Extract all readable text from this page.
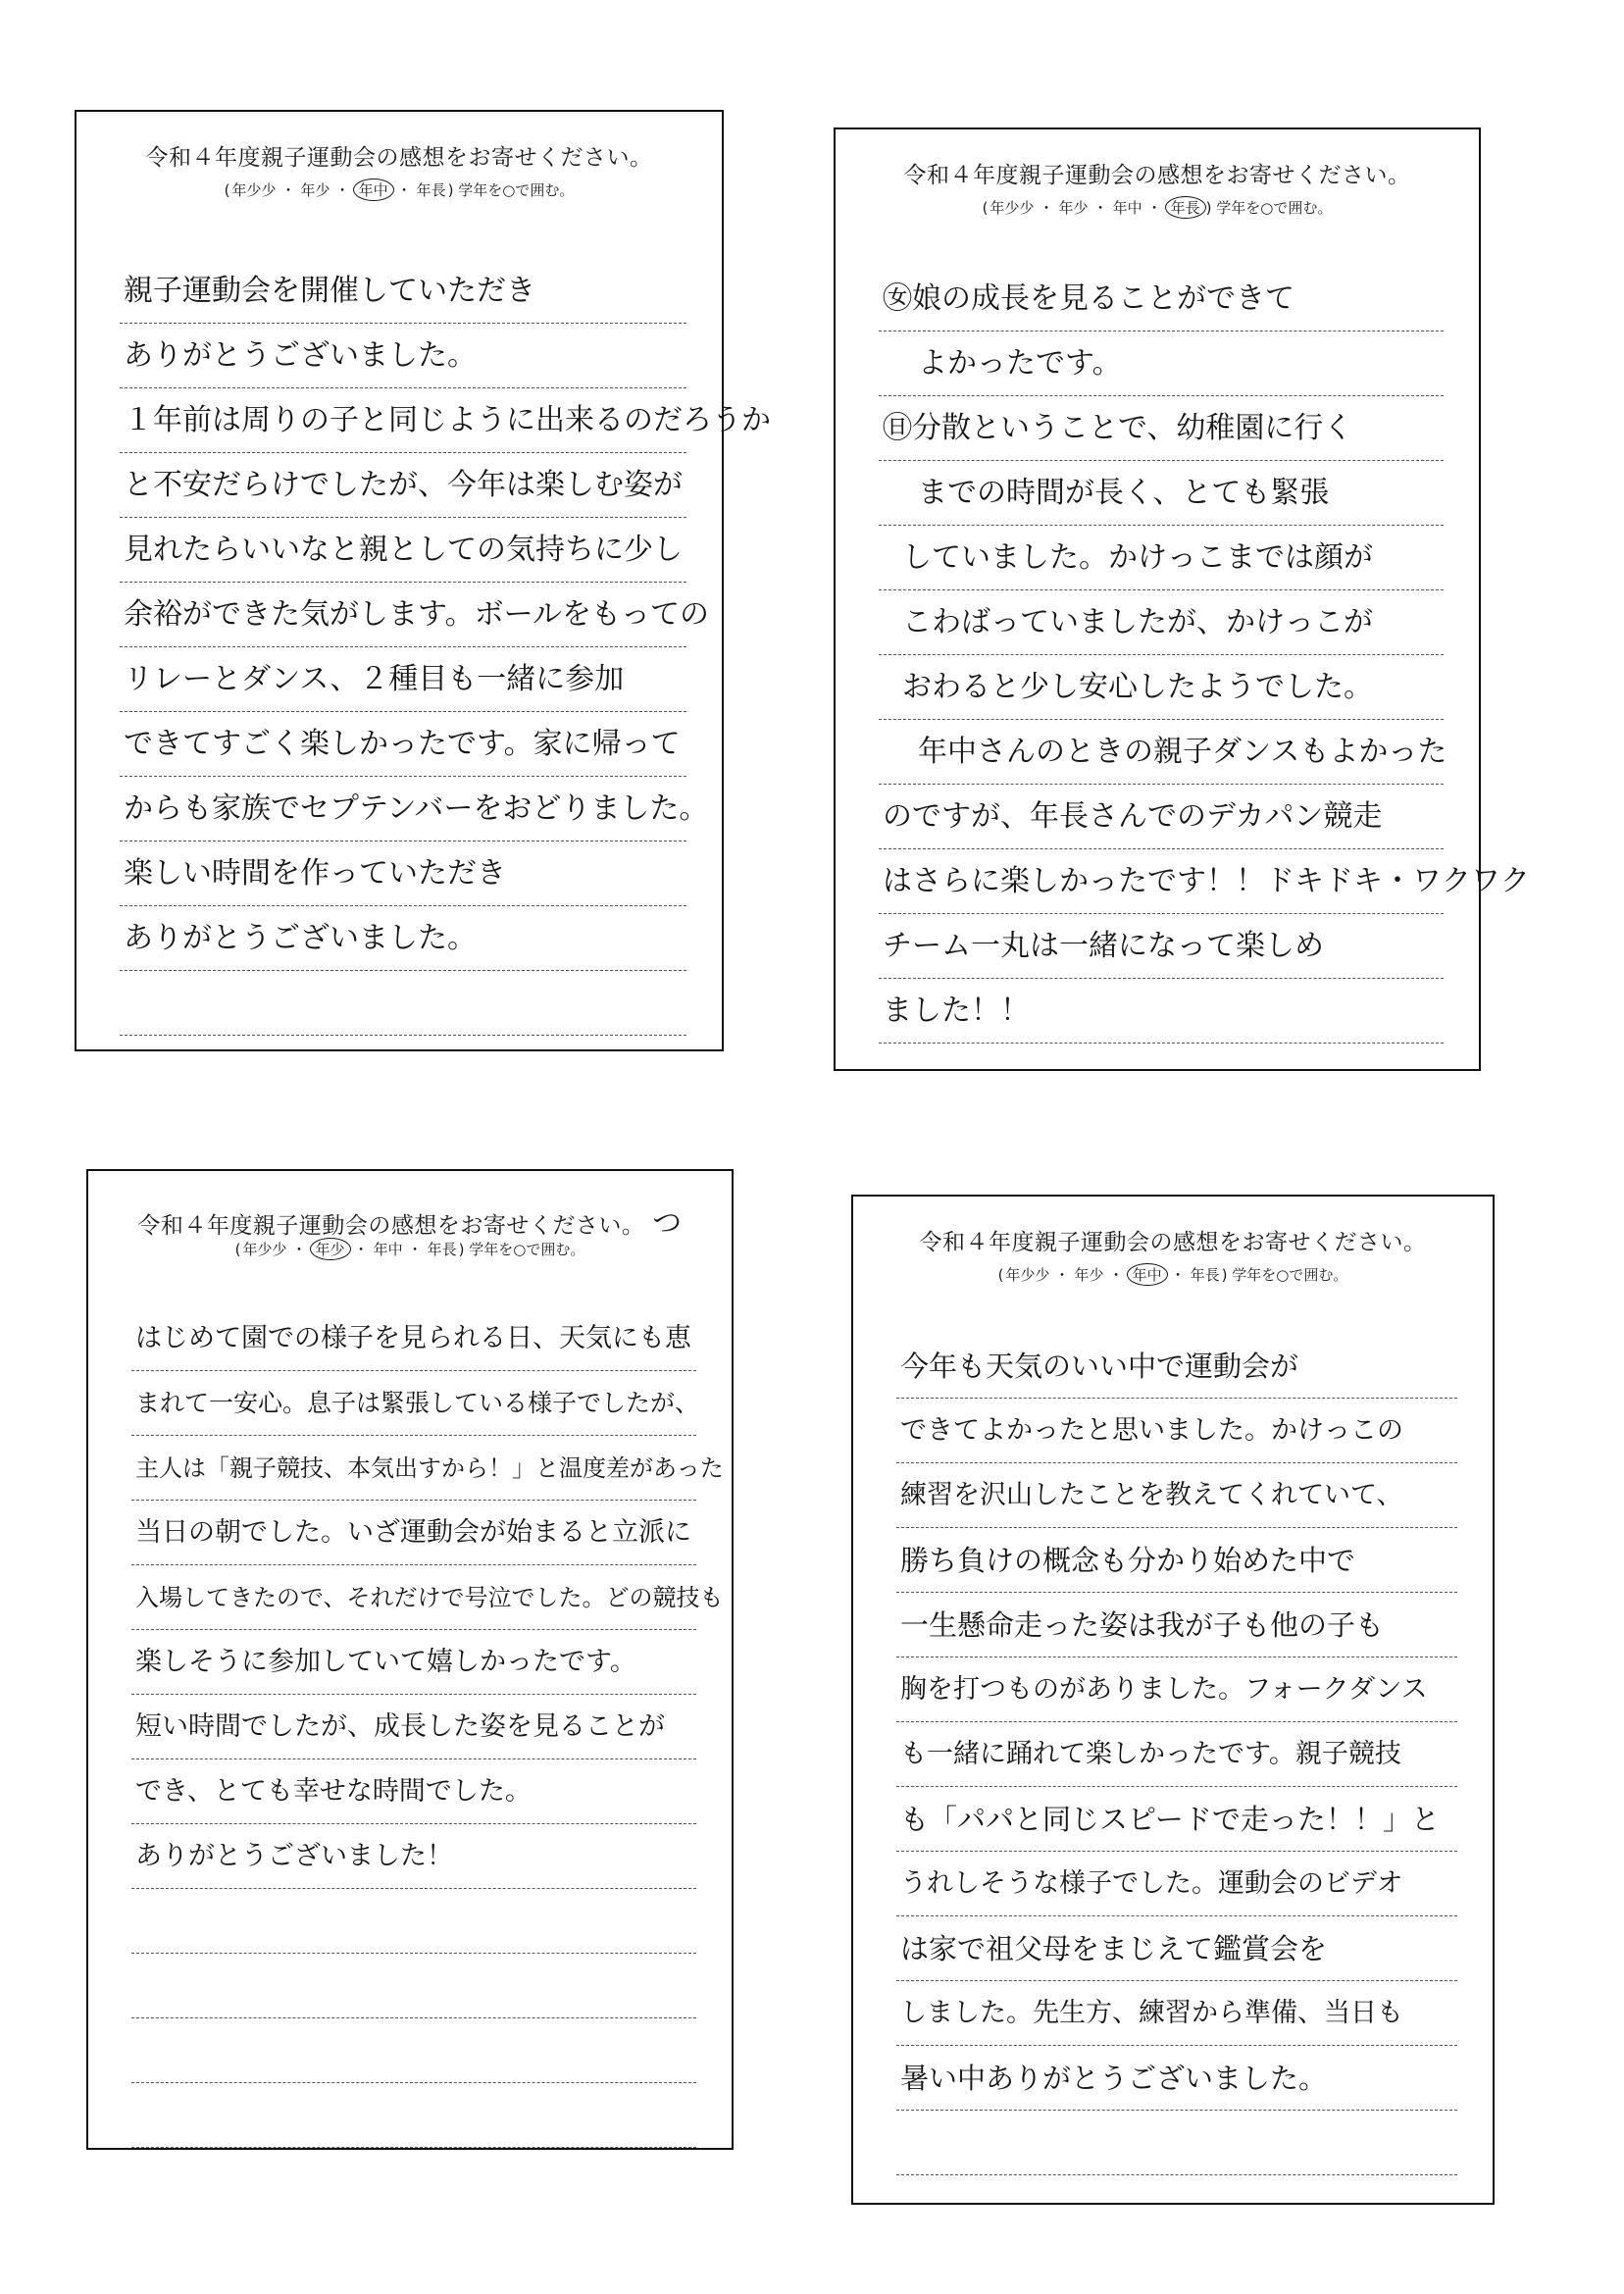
令和４年度親子運動会の感想をお寄せください。
( 年少少 ・ 年少 ・ 年中 ・ 年長 ) 学年を○で囲む。
親子運動会を開催していただき
ありがとうございました。
１年前は周りの子と同じように出来るのだろうか
と不安だらけでしたが、今年は楽しむ姿が
見れたらいいなと親としての気持ちに少し
余裕ができた気がします。ボールをもっての
リレーとダンス、２種目も一緒に参加
できてすごく楽しかったです。家に帰って
からも家族でセプテンバーをおどりました。
楽しい時間を作っていただき
ありがとうございました。
令和４年度親子運動会の感想をお寄せください。
( 年少少 ・ 年少 ・ 年中 ・ 年長 ) 学年を○で囲む。
㊛娘の成長を見ることができて
よかったです。
㊐分散ということで、幼稚園に行く
までの時間が長く、とても緊張
していました。かけっこまでは顔が
こわばっていましたが、かけっこが
おわると少し安心したようでした。
年中さんのときの親子ダンスもよかった
のですが、年長さんでのデカパン競走
はさらに楽しかったです！！ドキドキ・ワクワク
チーム一丸は一緒になって楽しめ
ました！！
令和４年度親子運動会の感想をお寄せください。 つ
( 年少少 ・ 年少 ・ 年中 ・ 年長 ) 学年を○で囲む。
はじめて園での様子を見られる日、天気にも恵
まれて一安心。息子は緊張している様子でしたが、
主人は「親子競技、本気出すから！」と温度差があった
当日の朝でした。いざ運動会が始まると立派に
入場してきたので、それだけで号泣でした。どの競技も
楽しそうに参加していて嬉しかったです。
短い時間でしたが、成長した姿を見ることが
でき、とても幸せな時間でした。
ありがとうございました！
令和４年度親子運動会の感想をお寄せください。
( 年少少 ・ 年少 ・ 年中 ・ 年長 ) 学年を○で囲む。
今年も天気のいい中で運動会が
できてよかったと思いました。かけっこの
練習を沢山したことを教えてくれていて、
勝ち負けの概念も分かり始めた中で
一生懸命走った姿は我が子も他の子も
胸を打つものがありました。フォークダンス
も一緒に踊れて楽しかったです。親子競技
も「パパと同じスピードで走った！！」と
うれしそうな様子でした。運動会のビデオ
は家で祖父母をまじえて鑑賞会を
しました。先生方、練習から準備、当日も
暑い中ありがとうございました。
